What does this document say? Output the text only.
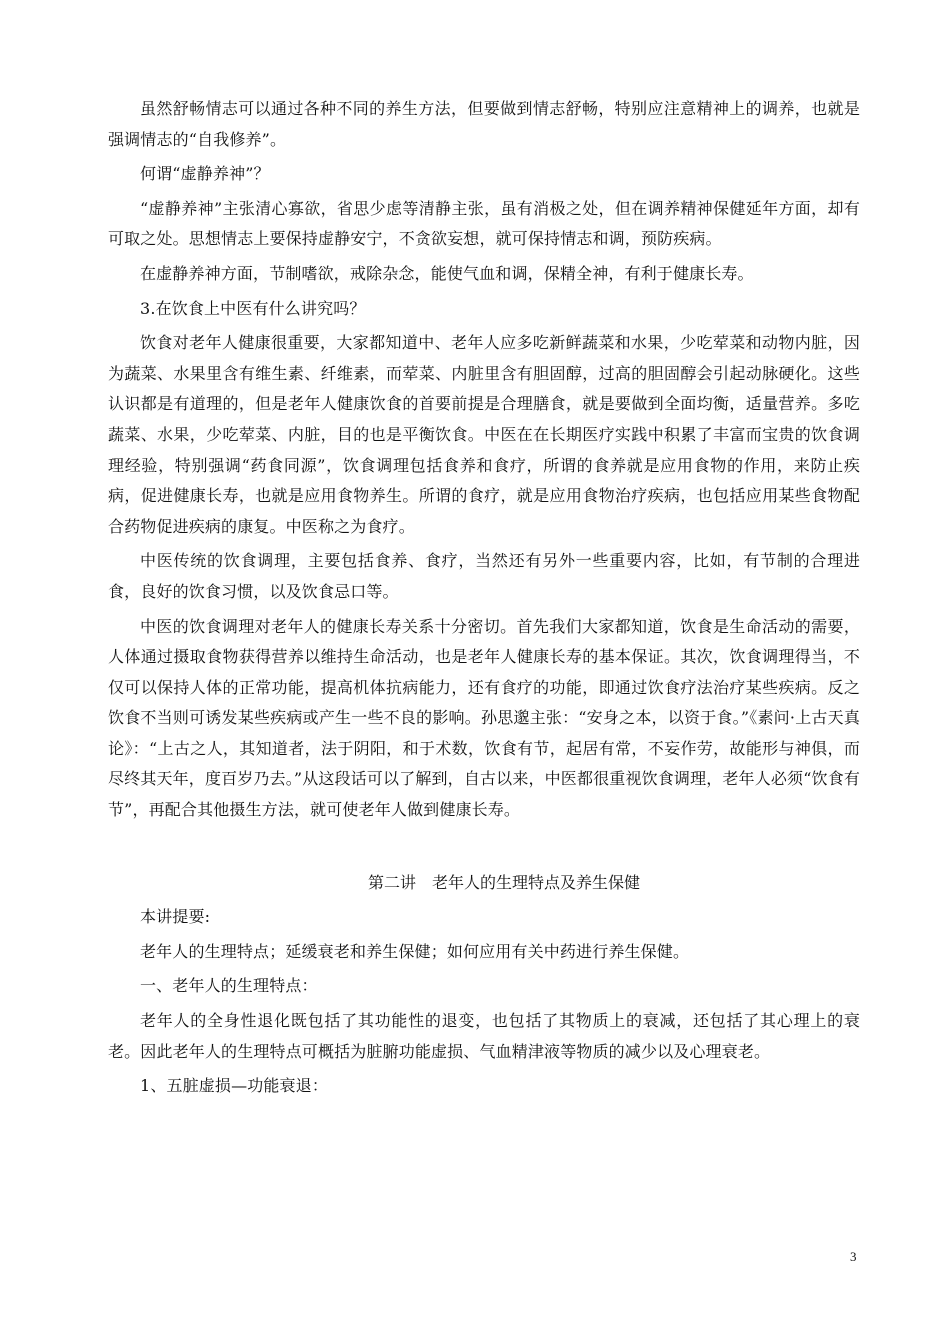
虽然舒畅情志可以通过各种不同的养生方法，但要做到情志舒畅，特别应注意精神上的调养，也就是强调情志的“自我修养”。

何谓“虚静养神”？

“虚静养神”主张清心寡欲，省思少虑等清静主张，虽有消极之处，但在调养精神保健延年方面，却有可取之处。思想情志上要保持虚静安宁，不贪欲妄想，就可保持情志和调，预防疾病。

在虚静养神方面，节制嗜欲，戒除杂念，能使气血和调，保精全神，有利于健康长寿。

3.在饮食上中医有什么讲究吗？

饮食对老年人健康很重要，大家都知道中、老年人应多吃新鲜蔬菜和水果，少吃荤菜和动物内脏，因为蔬菜、水果里含有维生素、纤维素，而荤菜、内脏里含有胆固醇，过高的胆固醇会引起动脉硬化。这些认识都是有道理的，但是老年人健康饮食的首要前提是合理膳食，就是要做到全面均衡，适量营养。多吃蔬菜、水果，少吃荤菜、内脏，目的也是平衡饮食。中医在在长期医疗实践中积累了丰富而宝贵的饮食调理经验，特别强调“药食同源”，饮食调理包括食养和食疗，所谓的食养就是应用食物的作用，来防止疾病，促进健康长寿，也就是应用食物养生。所谓的食疗，就是应用食物治疗疾病，也包括应用某些食物配合药物促进疾病的康复。中医称之为食疗。

中医传统的饮食调理，主要包括食养、食疗，当然还有另外一些重要内容，比如，有节制的合理进食，良好的饮食习惯，以及饮食忌口等。

中医的饮食调理对老年人的健康长寿关系十分密切。首先我们大家都知道，饮食是生命活动的需要，人体通过摄取食物获得营养以维持生命活动，也是老年人健康长寿的基本保证。其次，饮食调理得当，不仅可以保持人体的正常功能，提高机体抗病能力，还有食疗的功能，即通过饮食疗法治疗某些疾病。反之饮食不当则可诱发某些疾病或产生一些不良的影响。孙思邈主张：“安身之本，以资于食。”《素问·上古天真论》：“上古之人，其知道者，法于阴阳，和于术数，饮食有节，起居有常，不妄作劳，故能形与神俱，而尽终其天年，度百岁乃去。”从这段话可以了解到，自古以来，中医都很重视饮食调理，老年人必须“饮食有节”，再配合其他摄生方法，就可使老年人做到健康长寿。

第二讲　老年人的生理特点及养生保健

本讲提要:

老年人的生理特点；延缓衰老和养生保健；如何应用有关中药进行养生保健。

一、老年人的生理特点：

老年人的全身性退化既包括了其功能性的退变，也包括了其物质上的衰减，还包括了其心理上的衰老。因此老年人的生理特点可概括为脏腑功能虚损、气血精津液等物质的减少以及心理衰老。

1、五脏虚损—功能衰退：

3
